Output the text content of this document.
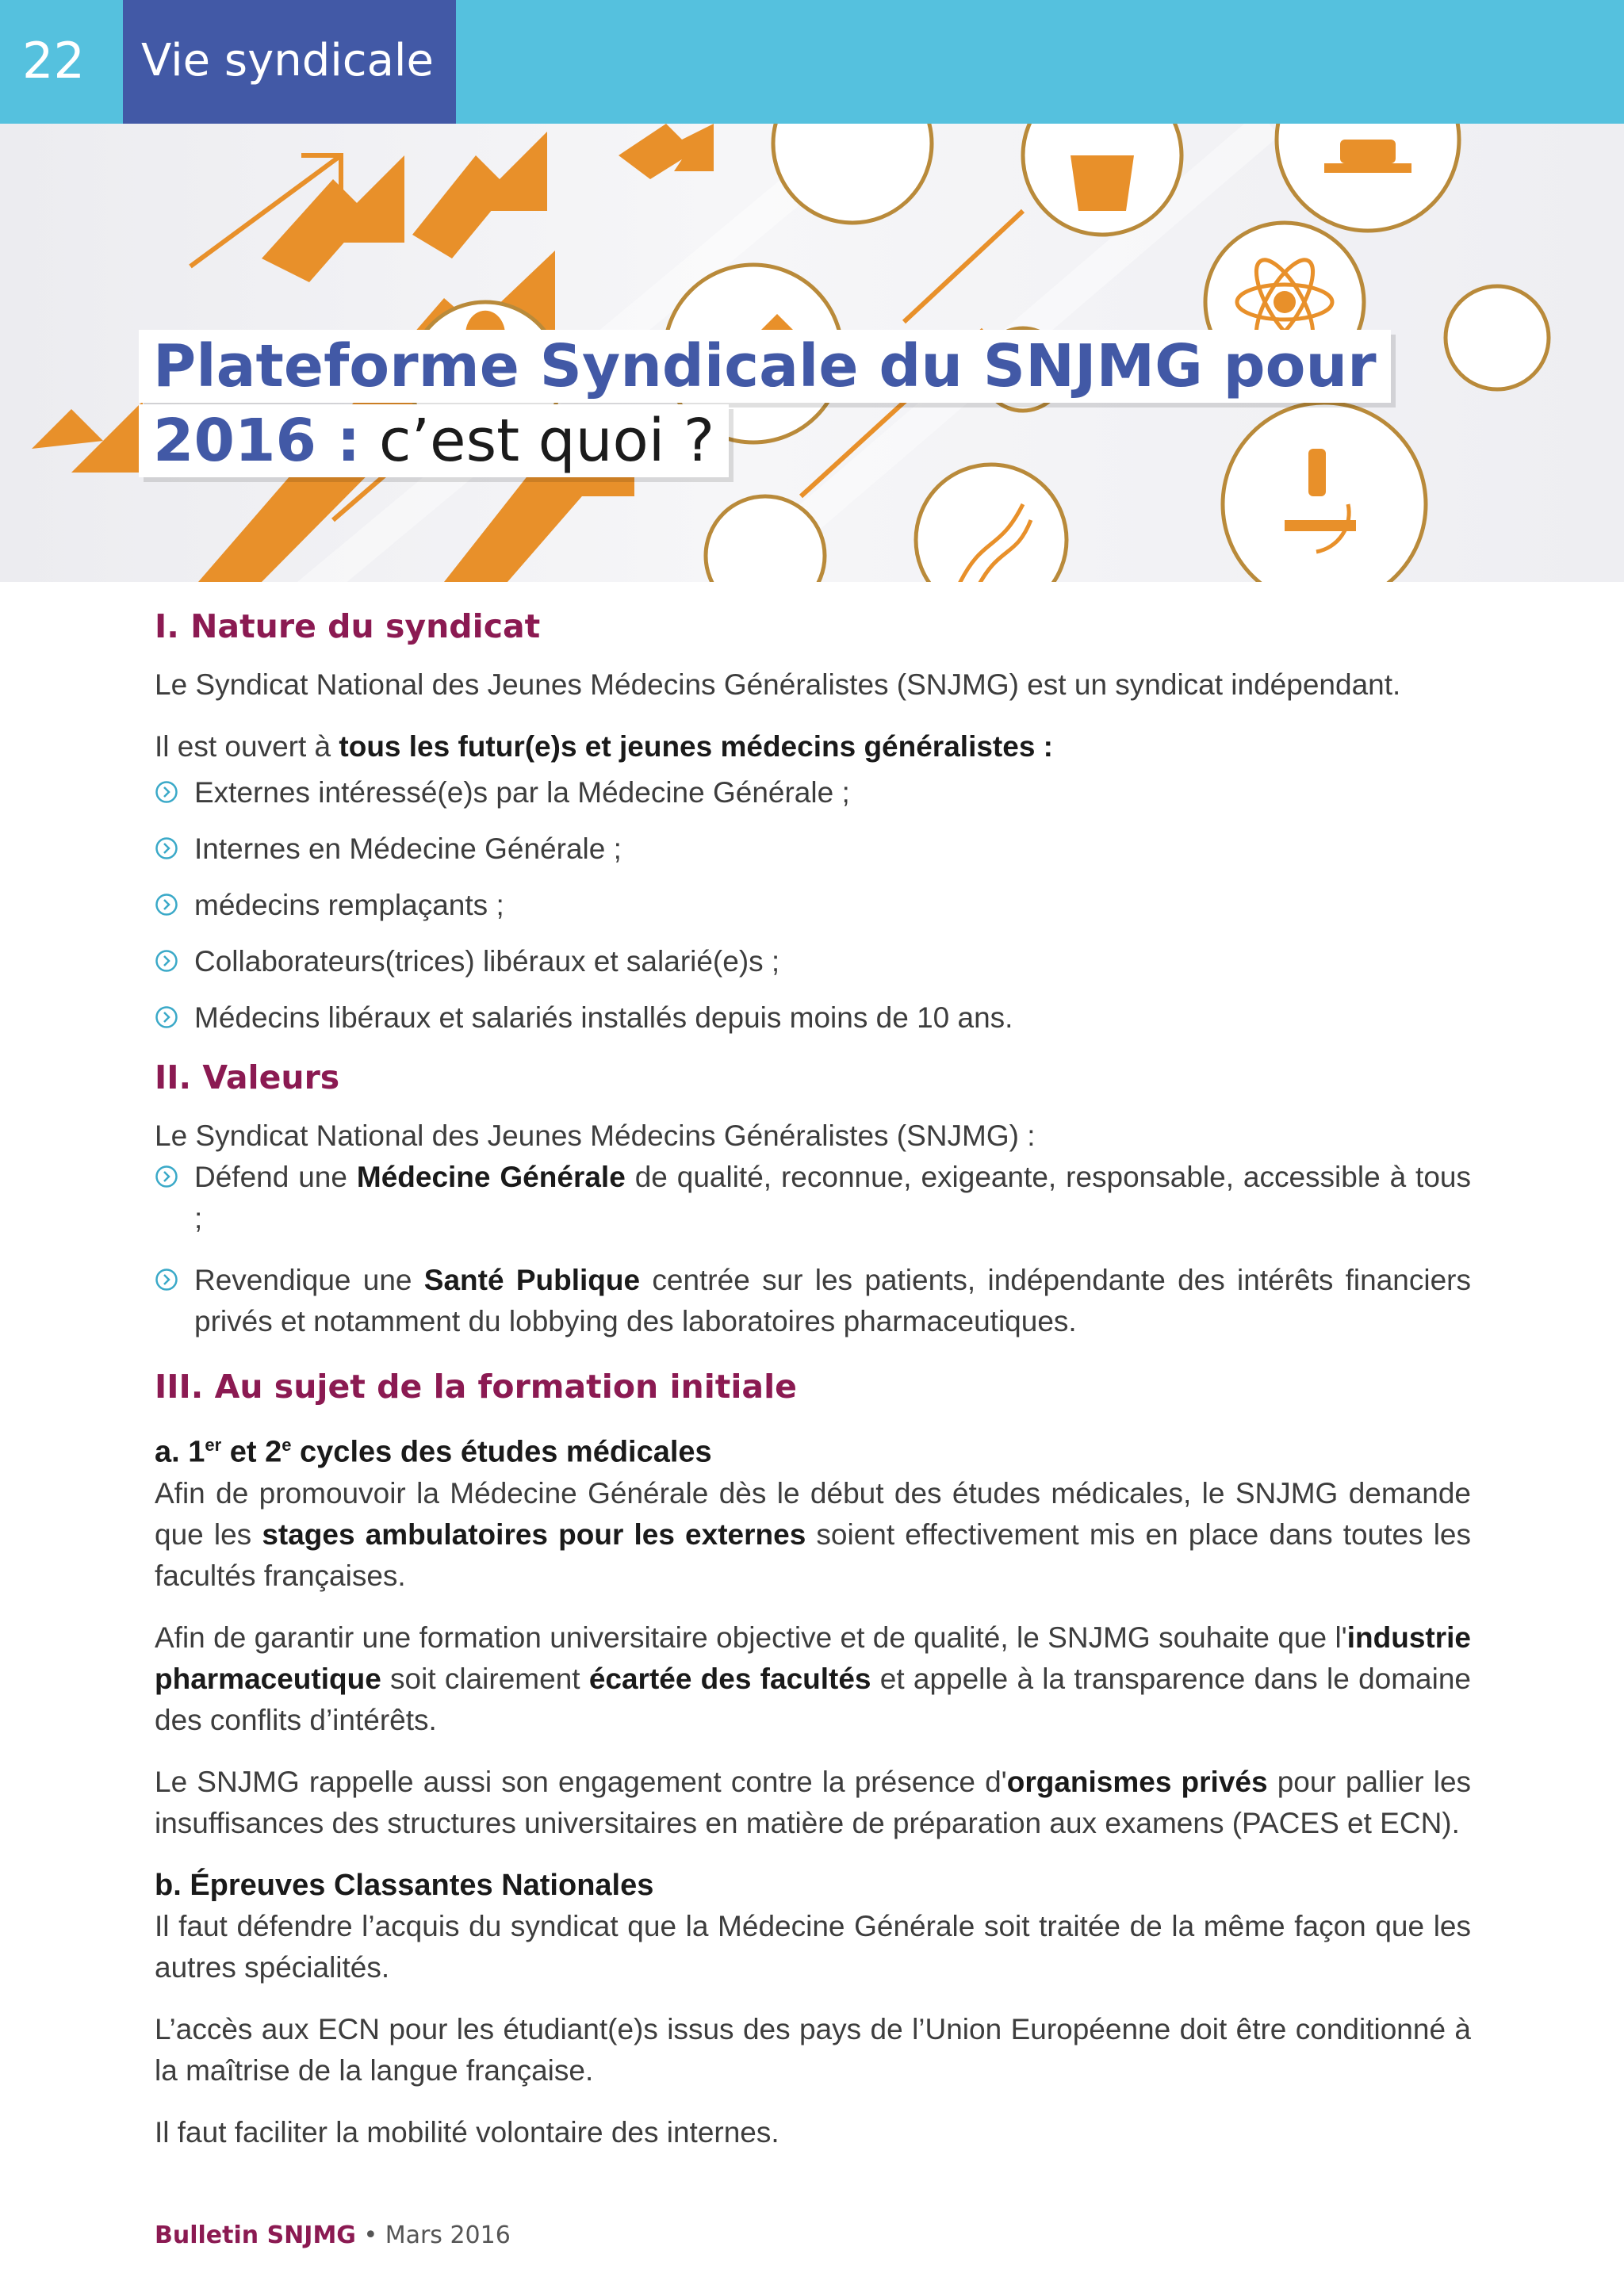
22 Vie syndicale
Plateforme Syndicale du SNJMG pour
2016 : c’est quoi ?

I. Nature du syndicat

Le Syndicat National des Jeunes Médecins Généralistes (SNJMG) est un syndicat indépendant.

Il est ouvert à tous les futur(e)s et jeunes médecins généralistes :

Externes intéressé(e)s par la Médecine Générale ;

Internes en Médecine Générale ;

médecins remplaçants ;

Collaborateurs(trices) libéraux et salarié(e)s ;

Médecins libéraux et salariés installés depuis moins de 10 ans.

II. Valeurs

Le Syndicat National des Jeunes Médecins Généralistes (SNJMG) :

Défend une Médecine Générale de qualité, reconnue, exigeante, responsable, accessible à tous ;

Revendique une Santé Publique centrée sur les patients, indépendante des intérêts financiers privés et notamment du lobbying des laboratoires pharmaceutiques.

III. Au sujet de la formation initiale

a. 1er et 2e cycles des études médicales

Afin de promouvoir la Médecine Générale dès le début des études médicales, le SNJMG demande que les stages ambulatoires pour les externes soient effectivement mis en place dans toutes les facultés françaises.

Afin de garantir une formation universitaire objective et de qualité, le SNJMG souhaite que l'industrie pharmaceutique soit clairement écartée des facultés et appelle à la transparence dans le domaine des conflits d’intérêts.

Le SNJMG rappelle aussi son engagement contre la présence d'organismes privés pour pallier les insuffisances des structures universitaires en matière de préparation aux examens (PACES et ECN).

b. Épreuves Classantes Nationales

Il faut défendre l’acquis du syndicat que la Médecine Générale soit traitée de la même façon que les autres spécialités.

L’accès aux ECN pour les étudiant(e)s issus des pays de l’Union Européenne doit être conditionné à la maîtrise de la langue française.

Il faut faciliter la mobilité volontaire des internes.

Bulletin SNJMG • Mars 2016
